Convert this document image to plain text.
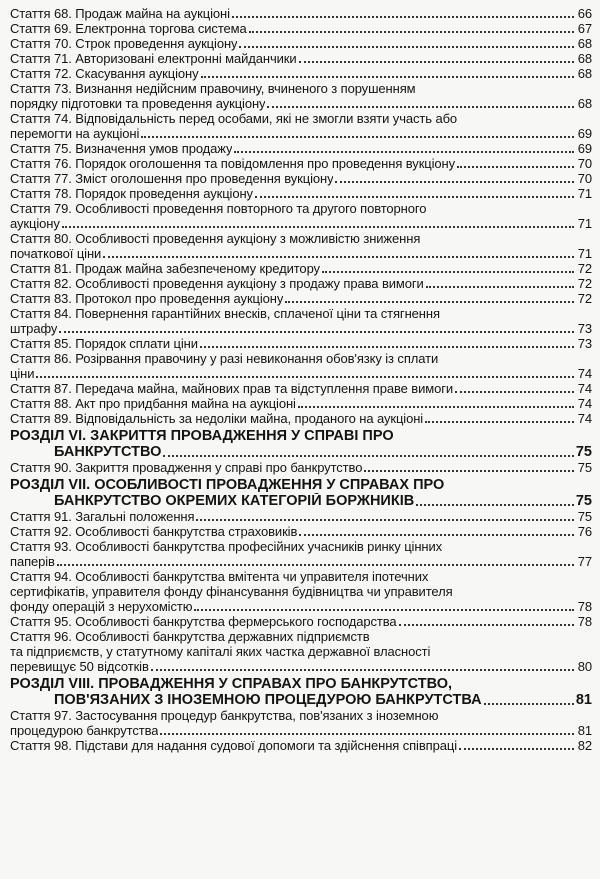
Стаття 68. Продаж майна на аукціоні	66
Стаття 69. Електронна торгова система	67
Стаття 70. Строк проведення аукціону	68
Стаття 71. Авторизовані електронні майданчики	68
Стаття 72. Скасування аукціону	68
Стаття 73. Визнання недійсним правочину, вчиненого з порушенням
порядку підготовки та проведення аукціону	68
Стаття 74. Відповідальність перед особами, які не змогли взяти участь або
перемогти на аукціоні	69
Стаття 75. Визначення умов продажу	69
Стаття 76. Порядок оголошення та повідомлення про проведення вукціону	70
Стаття 77. Зміст оголошення про проведення вукціону	70
Стаття 78. Порядок проведення аукціону	71
Стаття 79. Особливості проведення повторного та другого повторного
аукціону	71
Стаття 80. Особливості проведення аукціону з можливістю зниження
початкової ціни	71
Стаття 81. Продаж майна забезпеченому кредитору	72
Стаття 82. Особливості проведення аукціону з продажу права вимоги	72
Стаття 83. Протокол про проведення аукціону	72
Стаття 84. Повернення гарантійних внесків, сплаченої ціни та стягнення
штрафу	73
Стаття 85. Порядок сплати ціни	73
Стаття 86. Розірвання правочину у разі невиконання обов'язку із сплати
ціни	74
Стаття 87. Передача майна, майнових прав та відступлення праве вимоги	74
Стаття 88. Акт про придбання майна на аукціоні	74
Стаття 89. Відповідальність за недоліки майна, проданого на аукціоні	74
РОЗДІЛ VI. ЗАКРИТТЯ ПРОВАДЖЕННЯ У СПРАВІ ПРО
БАНКРУТСТВО	75
Стаття 90. Закриття провадження у справі про банкрутство	75
РОЗДІЛ VII. ОСОБЛИВОСТІ ПРОВАДЖЕННЯ У СПРАВАХ ПРО
БАНКРУТСТВО ОКРЕМИХ КАТЕГОРІЙ БОРЖНИКІВ	75
Стаття 91. Загальні положення	75
Стаття 92. Особливості банкрутства страховиків	76
Стаття 93. Особливості банкрутства професійних учасників ринку цінних
паперів	77
Стаття 94. Особливості банкрутства вмітента чи управителя іпотечних
сертифікатів, управителя фонду фінансування будівництва чи управителя
фонду операцій з нерухомістю	78
Стаття 95. Особливості банкрутства фермерського господарства	78
Стаття 96. Особливості банкрутства державних підприємств
та підприємств, у статутному капіталі яких частка державної власності
перевищує 50 відсотків	80
РОЗДІЛ VIII. ПРОВАДЖЕННЯ У СПРАВАХ ПРО БАНКРУТСТВО,
ПОВ'ЯЗАНИХ З ІНОЗЕМНОЮ ПРОЦЕДУРОЮ БАНКРУТСТВА	81
Стаття 97. Застосування процедур банкрутства, пов'язаних з іноземною
процедурою банкрутства	81
Стаття 98. Підстави для надання судової допомоги та здійснення співпраці	82
